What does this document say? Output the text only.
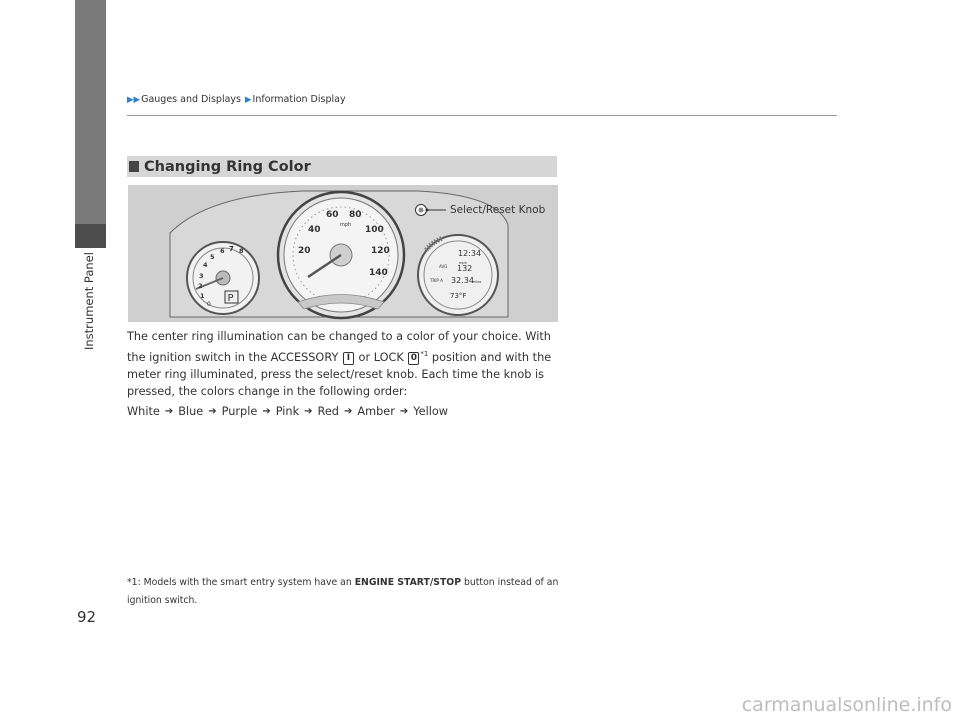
Instrument Panel
92
▶▶ Gauges and Displays ▶ Information Display
Changing Ring Color
1
2
3
4
5
6 7 8
0
P
20
40
60 80
100
120
140
mph
12:34
AVG 132
mph
TRIP A 32.34
miles
73°F
Select/Reset Knob
The center ring illumination can be changed to a color of your choice. With the ignition switch in the ACCESSORY I or LOCK 0 $^{*1}$ position and with the meter ring illuminated, press the select/reset knob. Each time the knob is pressed, the colors change in the following order:
White ➔ Blue ➔ Purple ➔ Pink ➔ Red ➔ Amber ➔ Yellow
*1: Models with the smart entry system have an ENGINE START/STOP button instead of an ignition switch.
carmanualsonline.info
